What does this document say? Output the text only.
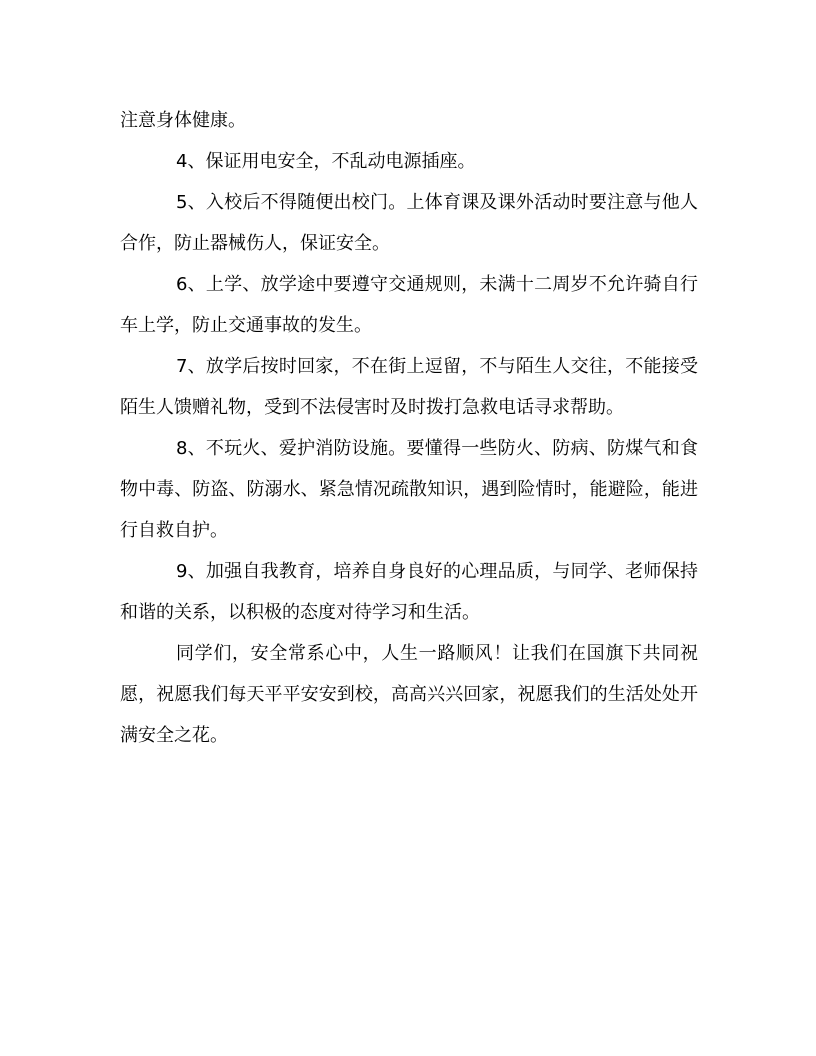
注意身体健康。

4、保证用电安全，不乱动电源插座。

5、入校后不得随便出校门。上体育课及课外活动时要注意与他人合作，防止器械伤人，保证安全。

6、上学、放学途中要遵守交通规则，未满十二周岁不允许骑自行车上学，防止交通事故的发生。

7、放学后按时回家，不在街上逗留，不与陌生人交往，不能接受陌生人馈赠礼物，受到不法侵害时及时拨打急救电话寻求帮助。

8、不玩火、爱护消防设施。要懂得一些防火、防病、防煤气和食物中毒、防盗、防溺水、紧急情况疏散知识，遇到险情时，能避险，能进行自救自护。

9、加强自我教育，培养自身良好的心理品质，与同学、老师保持和谐的关系，以积极的态度对待学习和生活。

同学们，安全常系心中，人生一路顺风！让我们在国旗下共同祝愿，祝愿我们每天平平安安到校，高高兴兴回家，祝愿我们的生活处处开满安全之花。
